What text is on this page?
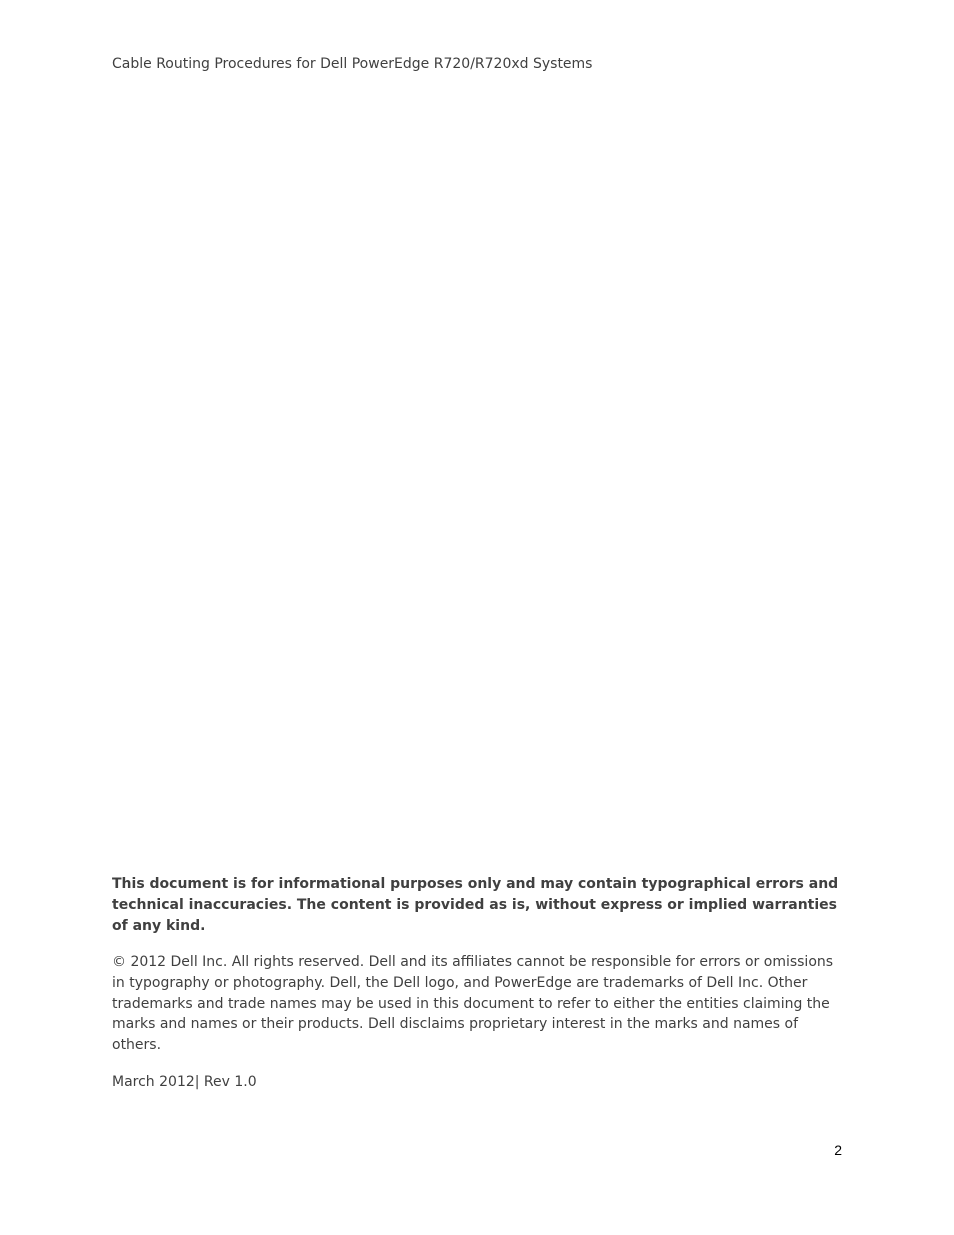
Cable Routing Procedures for Dell PowerEdge R720/R720xd Systems

This document is for informational purposes only and may contain typographical errors and technical inaccuracies. The content is provided as is, without express or implied warranties of any kind.

© 2012 Dell Inc. All rights reserved. Dell and its affiliates cannot be responsible for errors or omissions in typography or photography. Dell, the Dell logo, and PowerEdge are trademarks of Dell Inc. Other trademarks and trade names may be used in this document to refer to either the entities claiming the marks and names or their products. Dell disclaims proprietary interest in the marks and names of others.

March 2012| Rev 1.0

2
